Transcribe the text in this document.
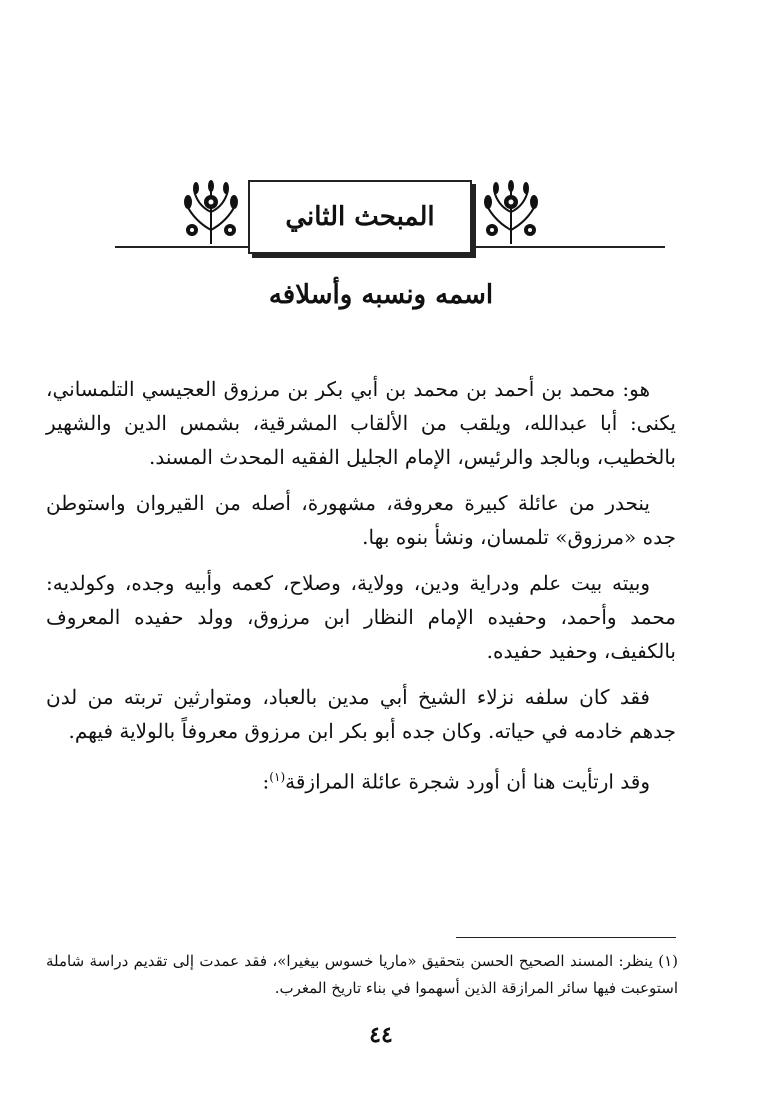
المبحث الثاني
اسمه ونسبه وأسلافه

هو: محمد بن أحمد بن محمد بن أبي بكر بن مرزوق العجيسي التلمساني، يكنى: أبا عبدالله، ويلقب من الألقاب المشرقية، بشمس الدين والشهير بالخطيب، وبالجد والرئيس، الإمام الجليل الفقيه المحدث المسند.

ينحدر من عائلة كبيرة معروفة، مشهورة، أصله من القيروان واستوطن جده «مرزوق» تلمسان، ونشأ بنوه بها.

وبيته بيت علم ودراية ودين، وولاية، وصلاح، كعمه وأبيه وجده، وكولديه: محمد وأحمد، وحفيده الإمام النظار ابن مرزوق، وولد حفيده المعروف بالكفيف، وحفيد حفيده.

فقد كان سلفه نزلاء الشيخ أبي مدين بالعباد، ومتوارثين تربته من لدن جدهم خادمه في حياته. وكان جده أبو بكر ابن مرزوق معروفاً بالولاية فيهم.

وقد ارتأيت هنا أن أورد شجرة عائلة المرازقة$^{(١)}$:

(١) ينظر: المسند الصحيح الحسن بتحقيق «ماريا خسوس بيغيرا»، فقد عمدت إلى تقديم دراسة شاملة استوعبت فيها سائر المرازقة الذين أسهموا في بناء تاريخ المغرب.

٤٤
